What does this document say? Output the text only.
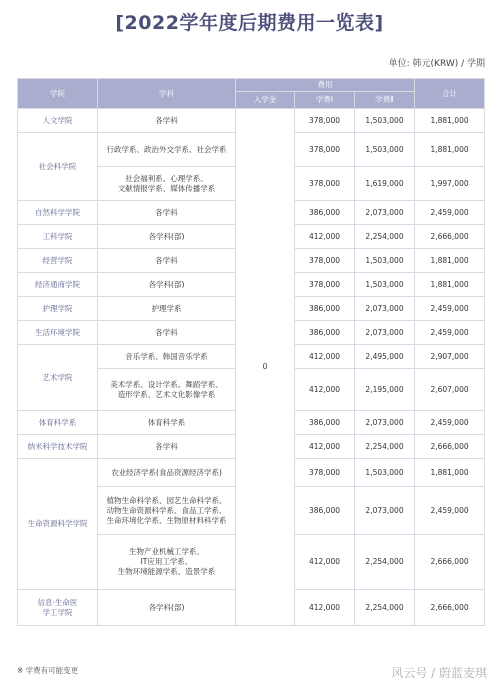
[2022学年度后期费用一览表]
单位: 韩元(KRW) / 学期
学院	学科	费用			合计
		入学金	学费Ⅰ	学费Ⅱ	
人文学院	各学科	0	378,000	1,503,000	1,881,000
社会科学院	行政学系、政治外交学系、社会学系		378,000	1,503,000	1,881,000
	社会福利系、心理学系、
文献情报学系、媒体传播学系		378,000	1,619,000	1,997,000
自然科学学院	各学科		386,000	2,073,000	2,459,000
工科学院	各学科(部)		412,000	2,254,000	2,666,000
经营学院	各学科		378,000	1,503,000	1,881,000
经济通商学院	各学科(部)		378,000	1,503,000	1,881,000
护理学院	护理学系		386,000	2,073,000	2,459,000
生活环境学院	各学科		386,000	2,073,000	2,459,000
艺术学院	音乐学系、韩国音乐学系		412,000	2,495,000	2,907,000
	美术学系、设计学系、舞蹈学系、
造形学系、艺术文化影像学系		412,000	2,195,000	2,607,000
体育科学系	体育科学系		386,000	2,073,000	2,459,000
纳米科学技术学院	各学科		412,000	2,254,000	2,666,000
生命资源科学学院	农业经济学系(食品资源经济学系)		378,000	1,503,000	1,881,000
	植物生命科学系、园艺生命科学系、
动物生命资源科学系、食品工学系、
生命环境化学系、生物原材料科学系		386,000	2,073,000	2,459,000
	生物产业机械工学系、
IT应用工学系、
生物环境能源学系、造景学系		412,000	2,254,000	2,666,000
信息·生命医
学工学院	各学科(部)		412,000	2,254,000	2,666,000
※ 学费有可能变更	风云号 / 蔚蓝麦琪
